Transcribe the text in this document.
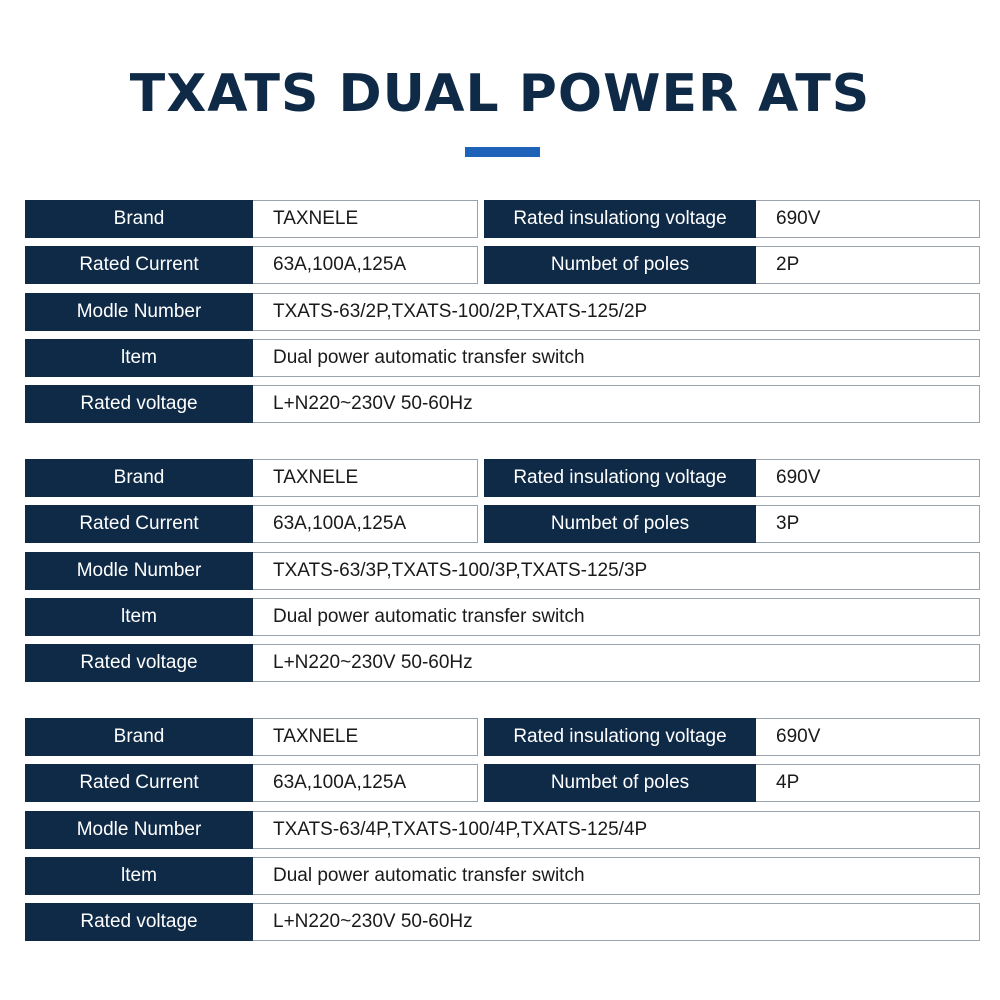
TXATS DUAL POWER ATS
Brand	TAXNELE	Rated insulationg voltage	690V
Rated Current	63A,100A,125A	Numbet of poles	2P
Modle Number	TXATS-63/2P,TXATS-100/2P,TXATS-125/2P
ltem	Dual power automatic transfer switch
Rated voltage	L+N220~230V 50-60Hz
Brand	TAXNELE	Rated insulationg voltage	690V
Rated Current	63A,100A,125A	Numbet of poles	3P
Modle Number	TXATS-63/3P,TXATS-100/3P,TXATS-125/3P
ltem	Dual power automatic transfer switch
Rated voltage	L+N220~230V 50-60Hz
Brand	TAXNELE	Rated insulationg voltage	690V
Rated Current	63A,100A,125A	Numbet of poles	4P
Modle Number	TXATS-63/4P,TXATS-100/4P,TXATS-125/4P
ltem	Dual power automatic transfer switch
Rated voltage	L+N220~230V 50-60Hz
